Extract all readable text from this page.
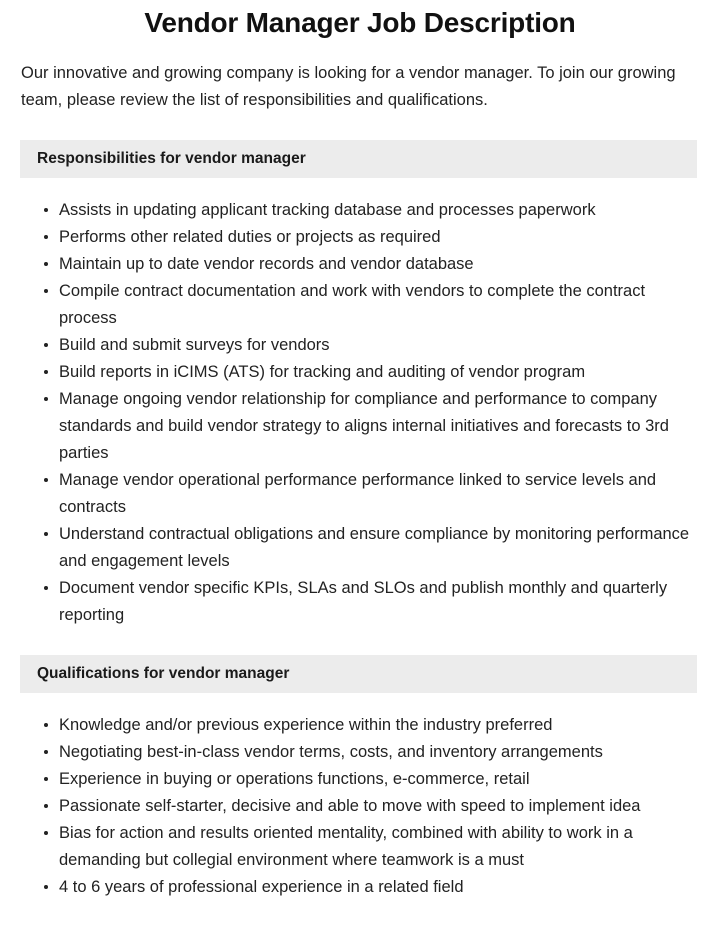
Vendor Manager Job Description

Our innovative and growing company is looking for a vendor manager. To join our growing team, please review the list of responsibilities and qualifications.

Responsibilities for vendor manager
Assists in updating applicant tracking database and processes paperwork
Performs other related duties or projects as required
Maintain up to date vendor records and vendor database
Compile contract documentation and work with vendors to complete the contract process
Build and submit surveys for vendors
Build reports in iCIMS (ATS) for tracking and auditing of vendor program
Manage ongoing vendor relationship for compliance and performance to company standards and build vendor strategy to aligns internal initiatives and forecasts to 3rd parties
Manage vendor operational performance performance linked to service levels and contracts
Understand contractual obligations and ensure compliance by monitoring performance and engagement levels
Document vendor specific KPIs, SLAs and SLOs and publish monthly and quarterly reporting
Qualifications for vendor manager
Knowledge and/or previous experience within the industry preferred
Negotiating best-in-class vendor terms, costs, and inventory arrangements
Experience in buying or operations functions, e-commerce, retail
Passionate self-starter, decisive and able to move with speed to implement idea
Bias for action and results oriented mentality, combined with ability to work in a demanding but collegial environment where teamwork is a must
4 to 6 years of professional experience in a related field
